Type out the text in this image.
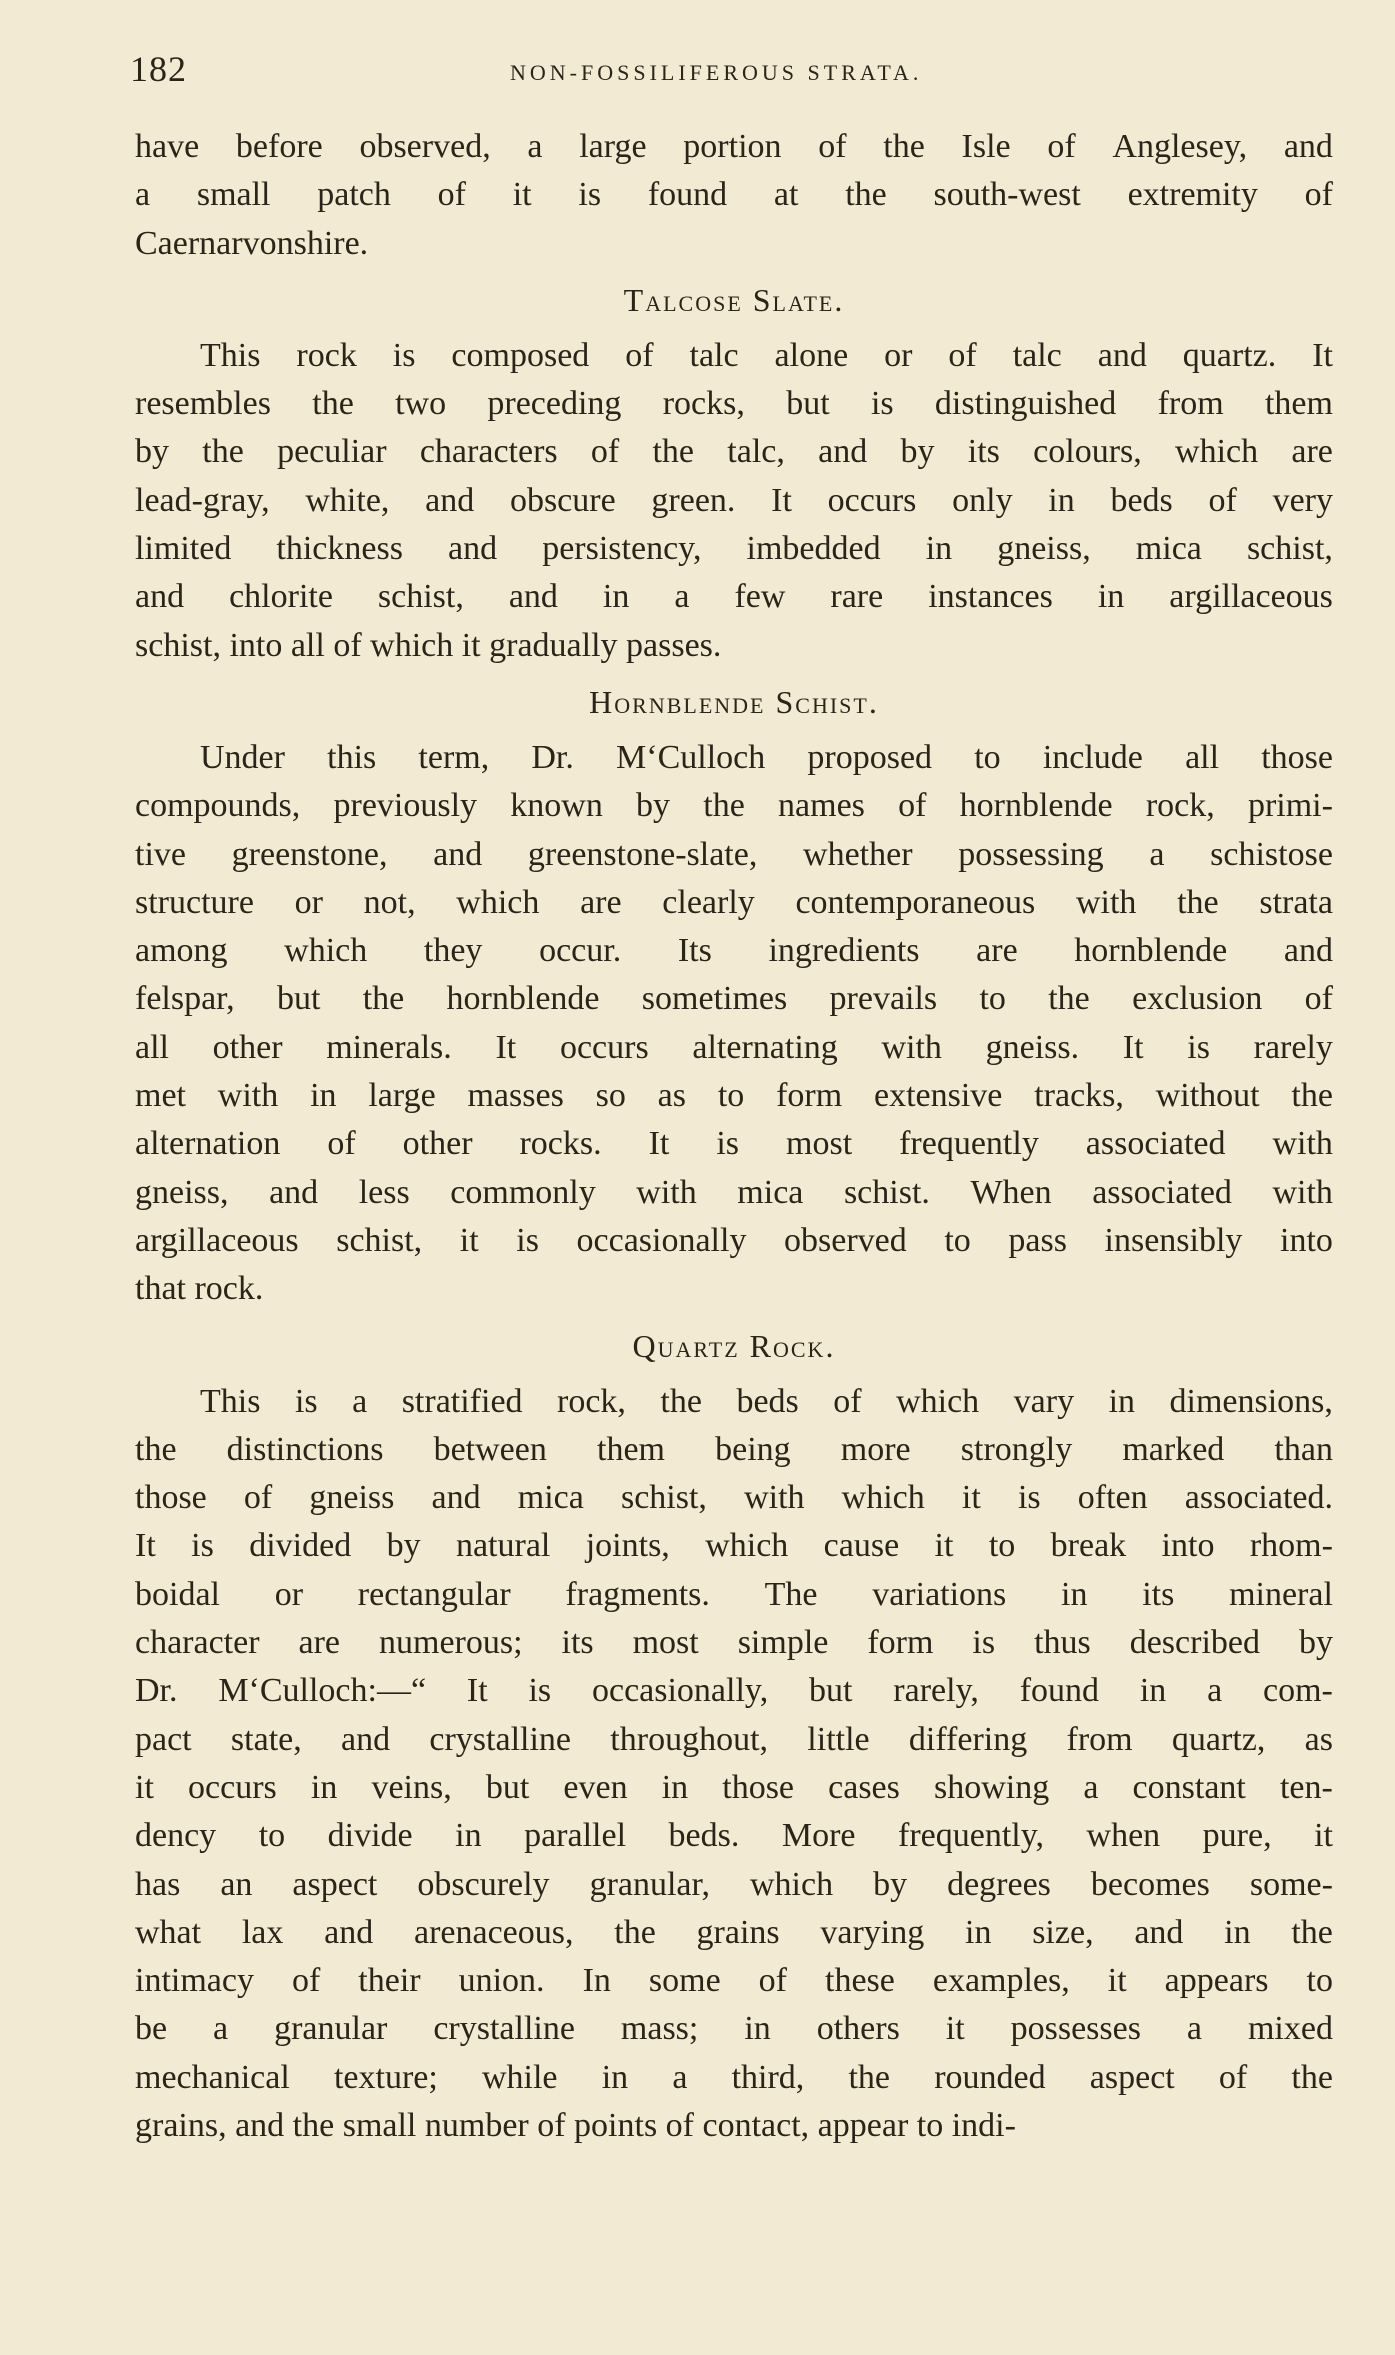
182	NON-FOSSILIFEROUS STRATA.
have before observed, a large portion of the Isle of Anglesey, and
a small patch of it is found at the south-west extremity of
Caernarvonshire.
Talcose Slate.
This rock is composed of talc alone or of talc and quartz. It
resembles the two preceding rocks, but is distinguished from them
by the peculiar characters of the talc, and by its colours, which are
lead-gray, white, and obscure green. It occurs only in beds of very
limited thickness and persistency, imbedded in gneiss, mica schist,
and chlorite schist, and in a few rare instances in argillaceous
schist, into all of which it gradually passes.
Hornblende Schist.
Under this term, Dr. M‘Culloch proposed to include all those
compounds, previously known by the names of hornblende rock, primi-
tive greenstone, and greenstone-slate, whether possessing a schistose
structure or not, which are clearly contemporaneous with the strata
among which they occur. Its ingredients are hornblende and
felspar, but the hornblende sometimes prevails to the exclusion of
all other minerals. It occurs alternating with gneiss. It is rarely
met with in large masses so as to form extensive tracks, without the
alternation of other rocks. It is most frequently associated with
gneiss, and less commonly with mica schist. When associated with
argillaceous schist, it is occasionally observed to pass insensibly into
that rock.
Quartz Rock.
This is a stratified rock, the beds of which vary in dimensions,
the distinctions between them being more strongly marked than
those of gneiss and mica schist, with which it is often associated.
It is divided by natural joints, which cause it to break into rhom-
boidal or rectangular fragments. The variations in its mineral
character are numerous; its most simple form is thus described by
Dr. M‘Culloch:—“ It is occasionally, but rarely, found in a com-
pact state, and crystalline throughout, little differing from quartz, as
it occurs in veins, but even in those cases showing a constant ten-
dency to divide in parallel beds. More frequently, when pure, it
has an aspect obscurely granular, which by degrees becomes some-
what lax and arenaceous, the grains varying in size, and in the
intimacy of their union. In some of these examples, it appears to
be a granular crystalline mass; in others it possesses a mixed
mechanical texture; while in a third, the rounded aspect of the
grains, and the small number of points of contact, appear to indi-
